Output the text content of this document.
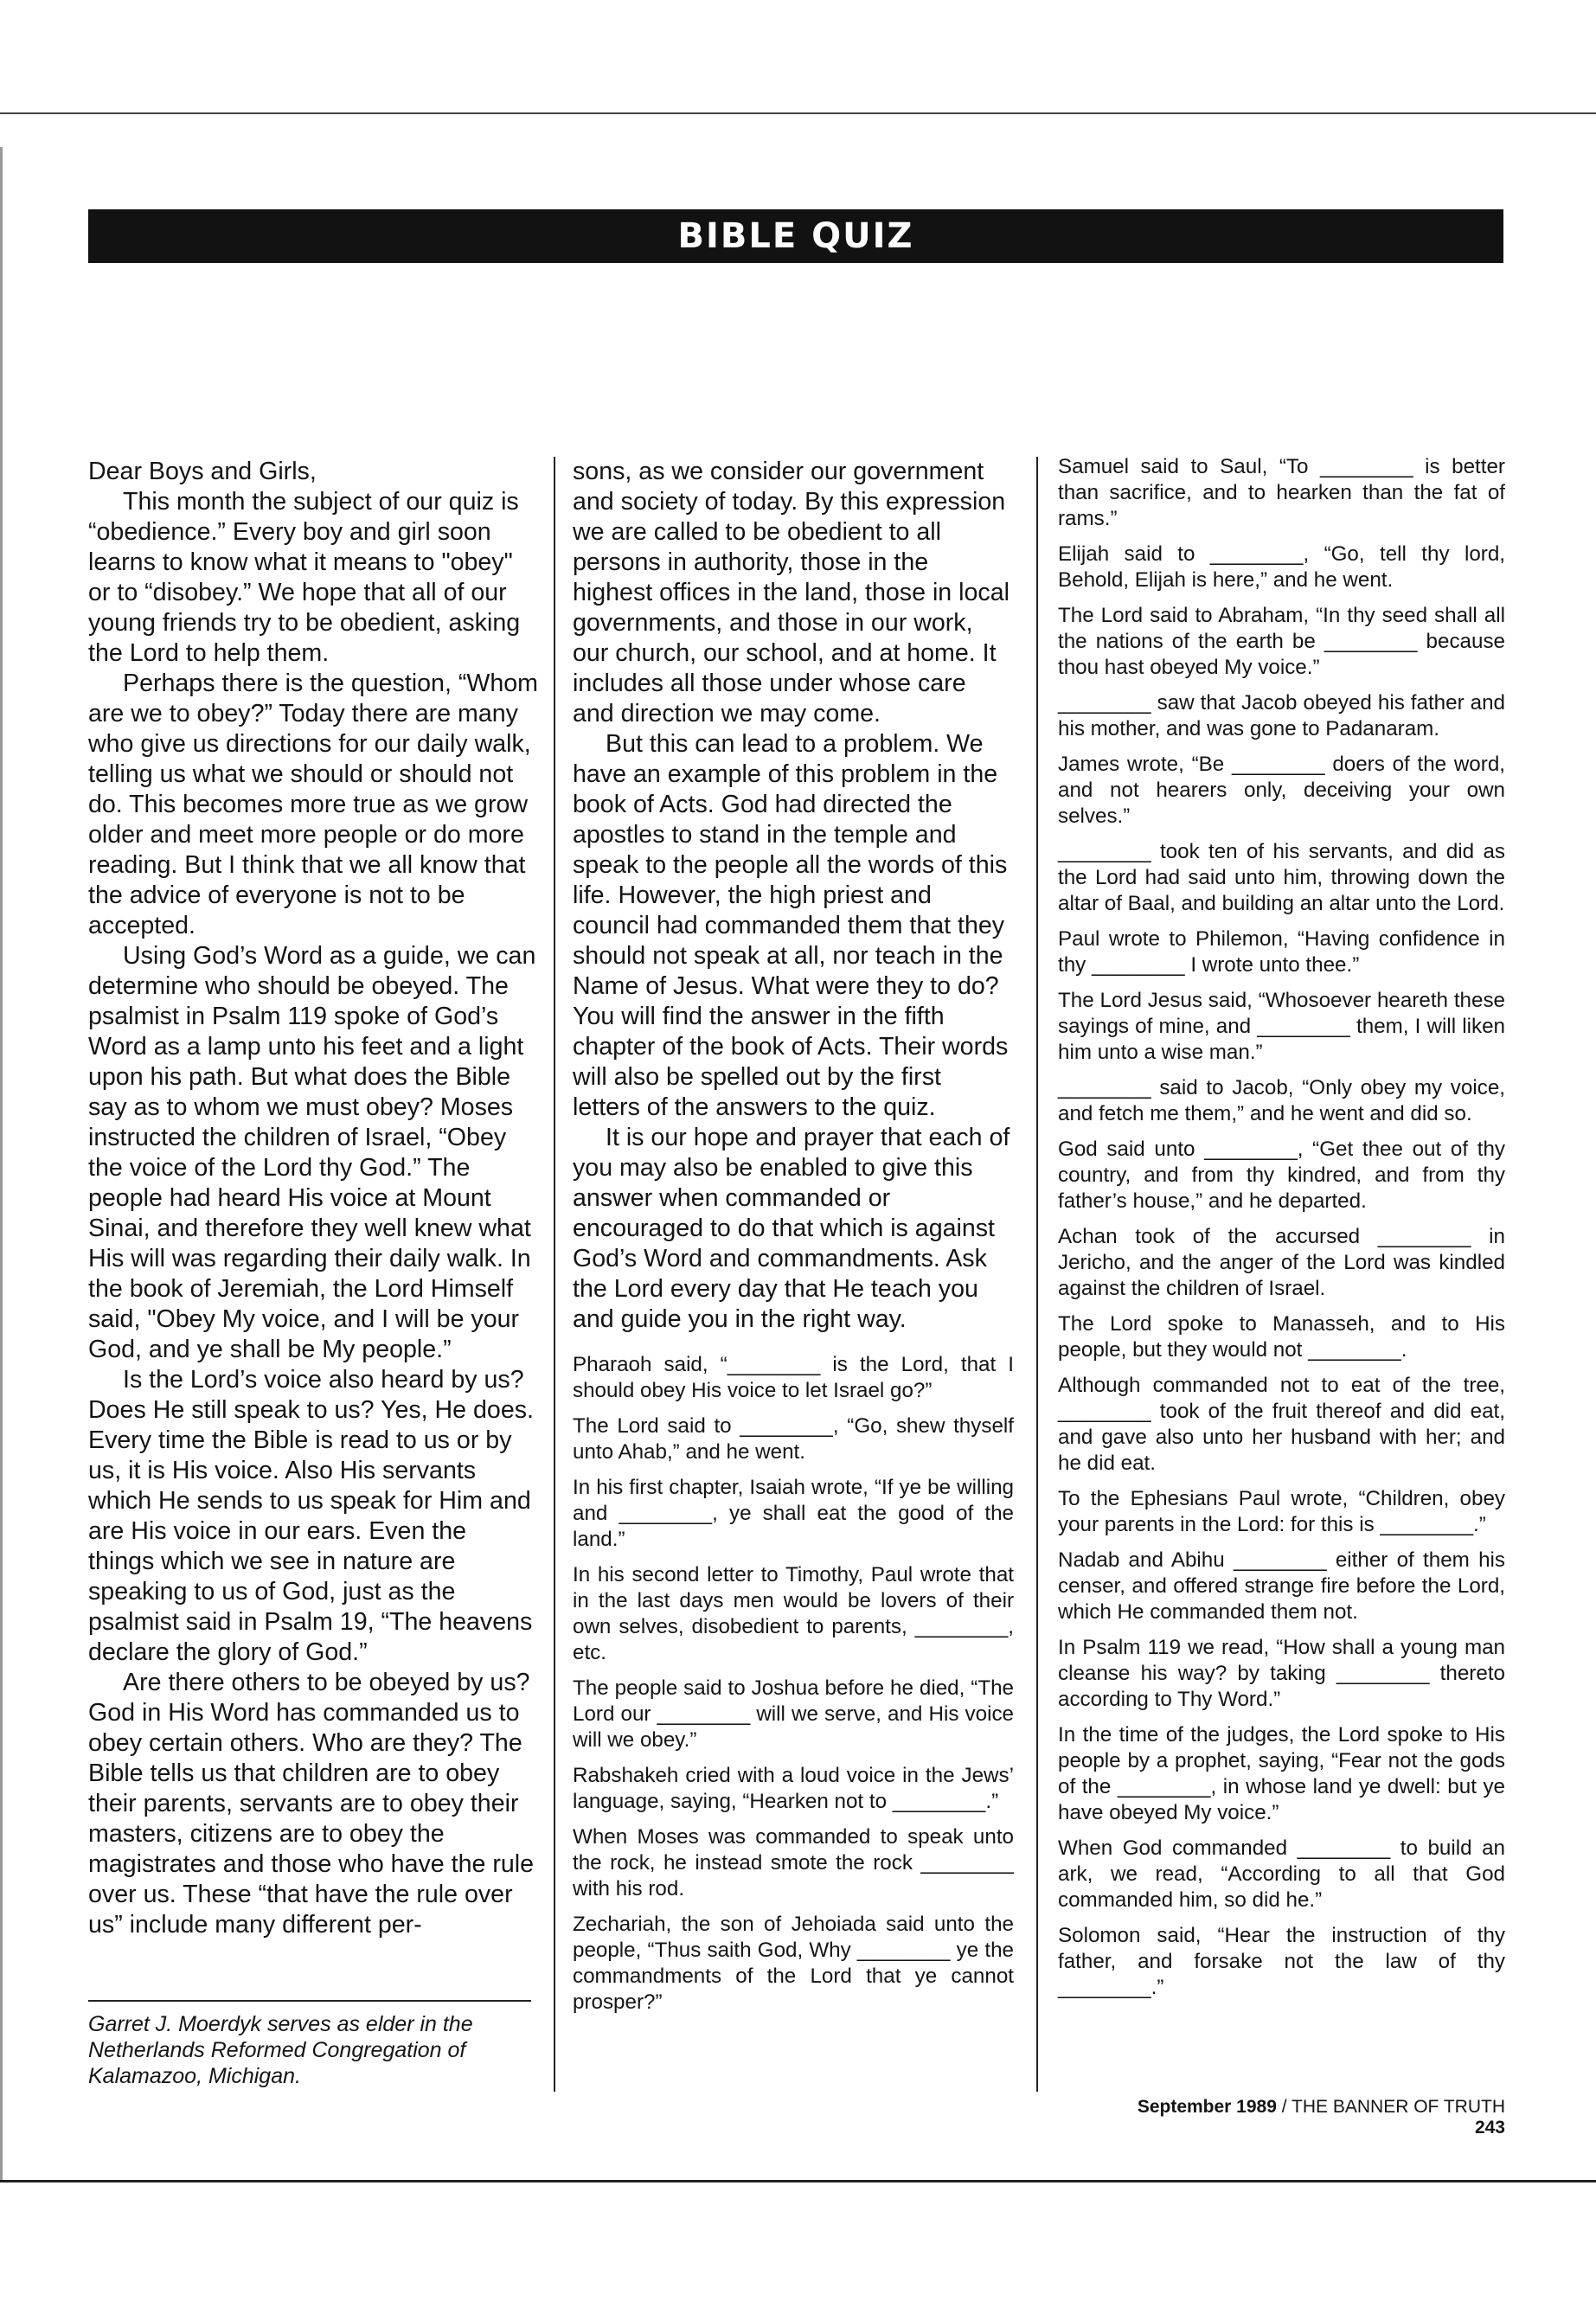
BIBLE QUIZ

Dear Boys and Girls,

This month the subject of our quiz is “obedience.” Every boy and girl soon learns to know what it means to "obey" or to “disobey.” We hope that all of our young friends try to be obedient, asking the Lord to help them.

Perhaps there is the question, “Whom are we to obey?” Today there are many who give us directions for our daily walk, telling us what we should or should not do. This becomes more true as we grow older and meet more people or do more reading. But I think that we all know that the advice of everyone is not to be accepted.

Using God’s Word as a guide, we can determine who should be obeyed. The psalmist in Psalm 119 spoke of God’s Word as a lamp unto his feet and a light upon his path. But what does the Bible say as to whom we must obey? Moses instructed the children of Israel, “Obey the voice of the Lord thy God.” The people had heard His voice at Mount Sinai, and therefore they well knew what His will was regarding their daily walk. In the book of Jeremiah, the Lord Himself said, "Obey My voice, and I will be your God, and ye shall be My people.”

Is the Lord’s voice also heard by us? Does He still speak to us? Yes, He does. Every time the Bible is read to us or by us, it is His voice. Also His servants which He sends to us speak for Him and are His voice in our ears. Even the things which we see in nature are speaking to us of God, just as the psalmist said in Psalm 19, “The heavens declare the glory of God.”

Are there others to be obeyed by us? God in His Word has commanded us to obey certain others. Who are they? The Bible tells us that children are to obey their parents, servants are to obey their masters, citizens are to obey the magistrates and those who have the rule over us. These “that have the rule over us” include many different per-

sons, as we consider our government and society of today. By this expression we are called to be obedient to all persons in authority, those in the highest offices in the land, those in local governments, and those in our work, our church, our school, and at home. It includes all those under whose care and direction we may come.

But this can lead to a problem. We have an example of this problem in the book of Acts. God had directed the apostles to stand in the temple and speak to the people all the words of this life. However, the high priest and council had commanded them that they should not speak at all, nor teach in the Name of Jesus. What were they to do? You will find the answer in the fifth chapter of the book of Acts. Their words will also be spelled out by the first letters of the answers to the quiz.

It is our hope and prayer that each of you may also be enabled to give this answer when commanded or encouraged to do that which is against God’s Word and commandments. Ask the Lord every day that He teach you and guide you in the right way.

Pharaoh said, “________ is the Lord, that I should obey His voice to let Israel go?”

The Lord said to ________, “Go, shew thyself unto Ahab,” and he went.

In his first chapter, Isaiah wrote, “If ye be willing and ________, ye shall eat the good of the land.”

In his second letter to Timothy, Paul wrote that in the last days men would be lovers of their own selves, disobedient to parents, ________, etc.

The people said to Joshua before he died, “The Lord our ________ will we serve, and His voice will we obey.”

Rabshakeh cried with a loud voice in the Jews’ language, saying, “Hearken not to ________.”

When Moses was commanded to speak unto the rock, he instead smote the rock ________ with his rod.

Zechariah, the son of Jehoiada said unto the people, “Thus saith God, Why ________ ye the commandments of the Lord that ye cannot prosper?”

Samuel said to Saul, “To ________ is better than sacrifice, and to hearken than the fat of rams.”

Elijah said to ________, “Go, tell thy lord, Behold, Elijah is here,” and he went.

The Lord said to Abraham, “In thy seed shall all the nations of the earth be ________ because thou hast obeyed My voice.”

________ saw that Jacob obeyed his father and his mother, and was gone to Padanaram.

James wrote, “Be ________ doers of the word, and not hearers only, deceiving your own selves.”

________ took ten of his servants, and did as the Lord had said unto him, throwing down the altar of Baal, and building an altar unto the Lord.

Paul wrote to Philemon, “Having confidence in thy ________ I wrote unto thee.”

The Lord Jesus said, “Whosoever heareth these sayings of mine, and ________ them, I will liken him unto a wise man.”

________ said to Jacob, “Only obey my voice, and fetch me them,” and he went and did so.

God said unto ________, “Get thee out of thy country, and from thy kindred, and from thy father’s house,” and he departed.

Achan took of the accursed ________ in Jericho, and the anger of the Lord was kindled against the children of Israel.

The Lord spoke to Manasseh, and to His people, but they would not ________.

Although commanded not to eat of the tree, ________ took of the fruit thereof and did eat, and gave also unto her husband with her; and he did eat.

To the Ephesians Paul wrote, “Children, obey your parents in the Lord: for this is ________.”

Nadab and Abihu ________ either of them his censer, and offered strange fire before the Lord, which He commanded them not.

In Psalm 119 we read, “How shall a young man cleanse his way? by taking ________ thereto according to Thy Word.”

In the time of the judges, the Lord spoke to His people by a prophet, saying, “Fear not the gods of the ________, in whose land ye dwell: but ye have obeyed My voice.”

When God commanded ________ to build an ark, we read, “According to all that God commanded him, so did he.”

Solomon said, “Hear the instruction of thy father, and forsake not the law of thy ________.”

Garret J. Moerdyk serves as elder in the Netherlands Reformed Congregation of Kalamazoo, Michigan.
September 1989 / THE BANNER OF TRUTH 243
